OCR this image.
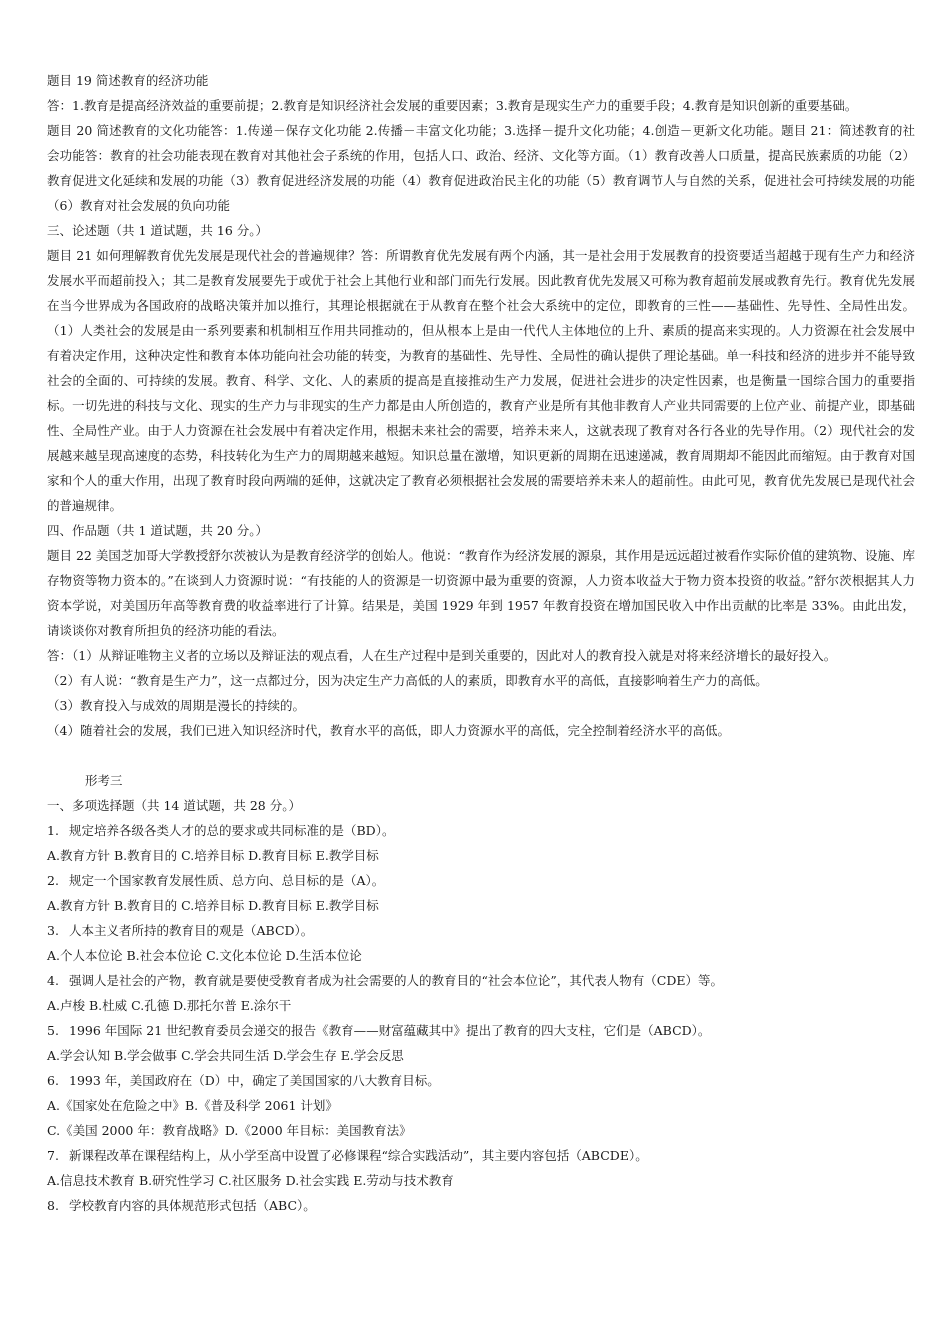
题目 19 简述教育的经济功能

答：1.教育是提高经济效益的重要前提；2.教育是知识经济社会发展的重要因素；3.教育是现实生产力的重要手段；4.教育是知识创新的重要基础。

题目 20 简述教育的文化功能答：1.传递－保存文化功能 2.传播－丰富文化功能；3.选择－提升文化功能；4.创造－更新文化功能。题目 21：简述教育的社会功能答：教育的社会功能表现在教育对其他社会子系统的作用，包括人口、政治、经济、文化等方面。（1）教育改善人口质量，提高民族素质的功能（2）教育促进文化延续和发展的功能（3）教育促进经济发展的功能（4）教育促进政治民主化的功能（5）教育调节人与自然的关系，促进社会可持续发展的功能（6）教育对社会发展的负向功能

三、论述题（共 1 道试题，共 16 分。）

题目 21 如何理解教育优先发展是现代社会的普遍规律？答：所谓教育优先发展有两个内涵，其一是社会用于发展教育的投资要适当超越于现有生产力和经济发展水平而超前投入；其二是教育发展要先于或优于社会上其他行业和部门而先行发展。因此教育优先发展又可称为教育超前发展或教育先行。教育优先发展在当今世界成为各国政府的战略决策并加以推行，其理论根据就在于从教育在整个社会大系统中的定位，即教育的三性——基础性、先导性、全局性出发。（1）人类社会的发展是由一系列要素和机制相互作用共同推动的，但从根本上是由一代代人主体地位的上升、素质的提高来实现的。人力资源在社会发展中有着决定作用，这种决定性和教育本体功能向社会功能的转变，为教育的基础性、先导性、全局性的确认提供了理论基础。单一科技和经济的进步并不能导致社会的全面的、可持续的发展。教育、科学、文化、人的素质的提高是直接推动生产力发展，促进社会进步的决定性因素，也是衡量一国综合国力的重要指标。一切先进的科技与文化、现实的生产力与非现实的生产力都是由人所创造的，教育产业是所有其他非教育人产业共同需要的上位产业、前提产业，即基础性、全局性产业。由于人力资源在社会发展中有着决定作用，根据未来社会的需要，培养未来人，这就表现了教育对各行各业的先导作用。（2）现代社会的发展越来越呈现高速度的态势，科技转化为生产力的周期越来越短。知识总量在激增，知识更新的周期在迅速递减，教育周期却不能因此而缩短。由于教育对国家和个人的重大作用，出现了教育时段向两端的延伸，这就决定了教育必须根据社会发展的需要培养未来人的超前性。由此可见，教育优先发展已是现代社会的普遍规律。

四、作品题（共 1 道试题，共 20 分。）

题目 22 美国芝加哥大学教授舒尔茨被认为是教育经济学的创始人。他说：“教育作为经济发展的源泉，其作用是远远超过被看作实际价值的建筑物、设施、库存物资等物力资本的。”在谈到人力资源时说：“有技能的人的资源是一切资源中最为重要的资源，人力资本收益大于物力资本投资的收益。”舒尔茨根据其人力资本学说，对美国历年高等教育费的收益率进行了计算。结果是，美国 1929 年到 1957 年教育投资在增加国民收入中作出贡献的比率是 33%。由此出发，请谈谈你对教育所担负的经济功能的看法。

答：（1）从辩证唯物主义者的立场以及辩证法的观点看，人在生产过程中是到关重要的，因此对人的教育投入就是对将来经济增长的最好投入。

（2）有人说：“教育是生产力”，这一点都过分，因为决定生产力高低的人的素质，即教育水平的高低，直接影响着生产力的高低。

（3）教育投入与成效的周期是漫长的持续的。

（4）随着社会的发展，我们已进入知识经济时代，教育水平的高低，即人力资源水平的高低，完全控制着经济水平的高低。

形考三

一、多项选择题（共 14 道试题，共 28 分。）

1. 规定培养各级各类人才的总的要求或共同标准的是（BD）。

A.教育方针 B.教育目的 C.培养目标 D.教育目标 E.教学目标

2. 规定一个国家教育发展性质、总方向、总目标的是（A）。

A.教育方针 B.教育目的 C.培养目标 D.教育目标 E.教学目标

3. 人本主义者所持的教育目的观是（ABCD）。

A.个人本位论 B.社会本位论 C.文化本位论 D.生活本位论

4. 强调人是社会的产物，教育就是要使受教育者成为社会需要的人的教育目的“社会本位论”，其代表人物有（CDE）等。

A.卢梭 B.杜威 C.孔德 D.那托尔普 E.涂尔干

5. 1996 年国际 21 世纪教育委员会递交的报告《教育——财富蕴藏其中》提出了教育的四大支柱，它们是（ABCD）。

A.学会认知 B.学会做事 C.学会共同生活 D.学会生存 E.学会反思

6. 1993 年，美国政府在（D）中，确定了美国国家的八大教育目标。

A.《国家处在危险之中》B.《普及科学 2061 计划》

C.《美国 2000 年：教育战略》D.《2000 年目标：美国教育法》

7. 新课程改革在课程结构上，从小学至高中设置了必修课程“综合实践活动”，其主要内容包括（ABCDE）。

A.信息技术教育 B.研究性学习 C.社区服务 D.社会实践 E.劳动与技术教育

8. 学校教育内容的具体规范形式包括（ABC）。
